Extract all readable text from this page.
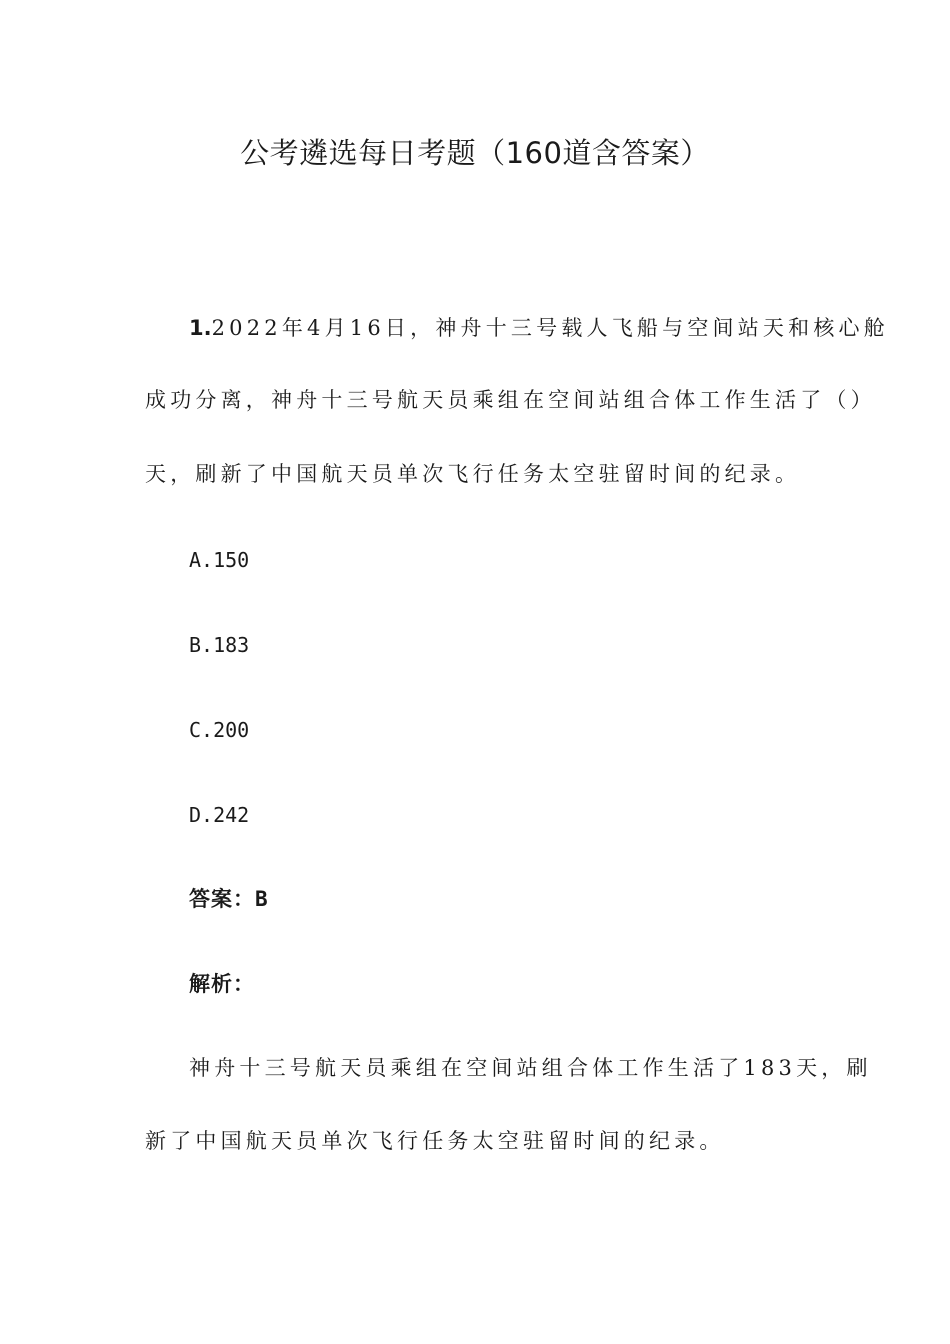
公考遴选每日考题（160道含答案）
1.2022年4月16日，神舟十三号载人飞船与空间站天和核心舱
成功分离，神舟十三号航天员乘组在空间站组合体工作生活了（）
天，刷新了中国航天员单次飞行任务太空驻留时间的纪录。
A.150
B.183
C.200
D.242
答案：B
解析：
神舟十三号航天员乘组在空间站组合体工作生活了183天，刷
新了中国航天员单次飞行任务太空驻留时间的纪录。
